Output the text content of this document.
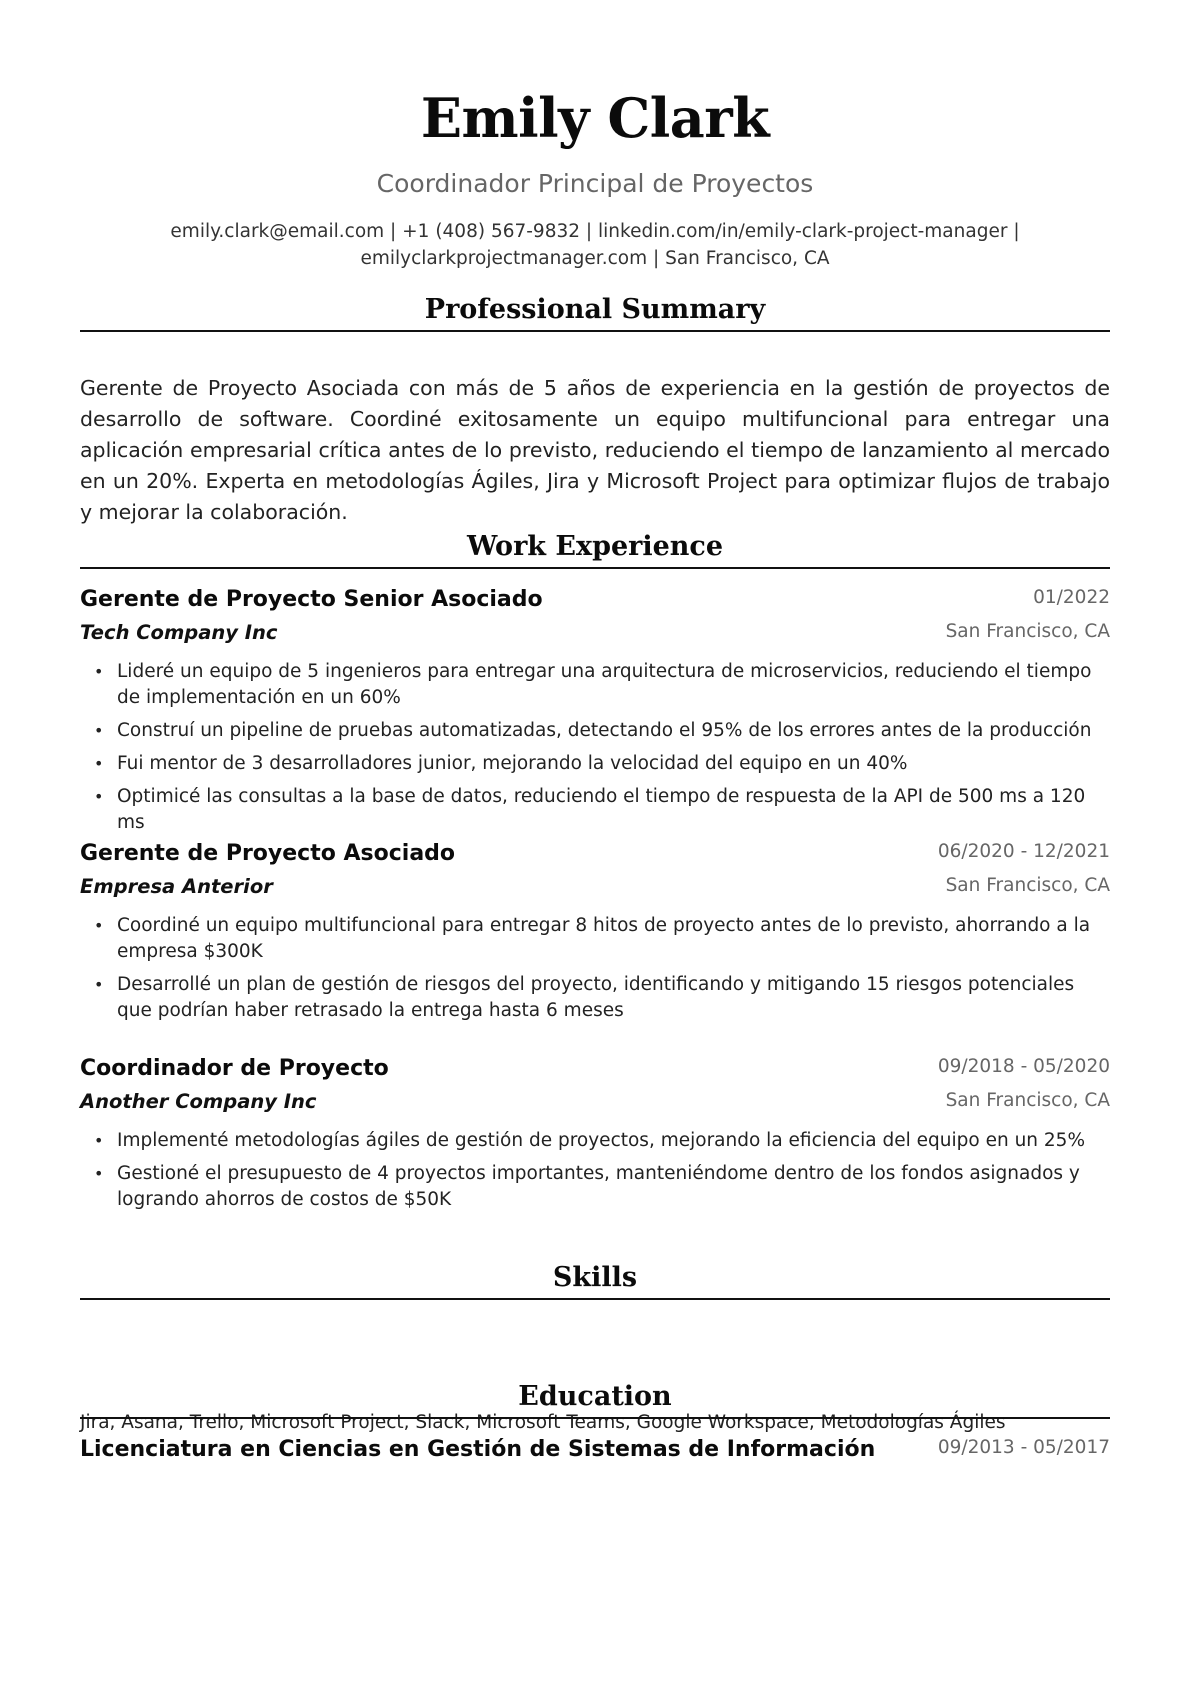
Emily Clark
Coordinador Principal de Proyectos
emily.clark@email.com | +1 (408) 567-9832 | linkedin.com/in/emily-clark-project-manager |
emilyclarkprojectmanager.com | San Francisco, CA
Professional Summary
Gerente de Proyecto Asociada con más de 5 años de experiencia en la gestión de proyectos de desarrollo de software. Coordiné exitosamente un equipo multifuncional para entregar una aplicación empresarial crítica antes de lo previsto, reduciendo el tiempo de lanzamiento al mercado en un 20%. Experta en metodologías Ágiles, Jira y Microsoft Project para optimizar flujos de trabajo y mejorar la colaboración.
Work Experience
Gerente de Proyecto Senior Asociado	01/2022
Tech Company Inc	San Francisco, CA
• Lideré un equipo de 5 ingenieros para entregar una arquitectura de microservicios, reduciendo el tiempo de implementación en un 60%
• Construí un pipeline de pruebas automatizadas, detectando el 95% de los errores antes de la producción
• Fui mentor de 3 desarrolladores junior, mejorando la velocidad del equipo en un 40%
• Optimicé las consultas a la base de datos, reduciendo el tiempo de respuesta de la API de 500 ms a 120 ms
Gerente de Proyecto Asociado	06/2020 - 12/2021
Empresa Anterior	San Francisco, CA
• Coordiné un equipo multifuncional para entregar 8 hitos de proyecto antes de lo previsto, ahorrando a la empresa $300K
• Desarrollé un plan de gestión de riesgos del proyecto, identificando y mitigando 15 riesgos potenciales que podrían haber retrasado la entrega hasta 6 meses
Coordinador de Proyecto	09/2018 - 05/2020
Another Company Inc	San Francisco, CA
• Implementé metodologías ágiles de gestión de proyectos, mejorando la eficiencia del equipo en un 25%
• Gestioné el presupuesto de 4 proyectos importantes, manteniéndome dentro de los fondos asignados y logrando ahorros de costos de $50K
Skills
Jira, Asana, Trello, Microsoft Project, Slack, Microsoft Teams, Google Workspace, Metodologías Ágiles
Education
Licenciatura en Ciencias en Gestión de Sistemas de Información	09/2013 - 05/2017
